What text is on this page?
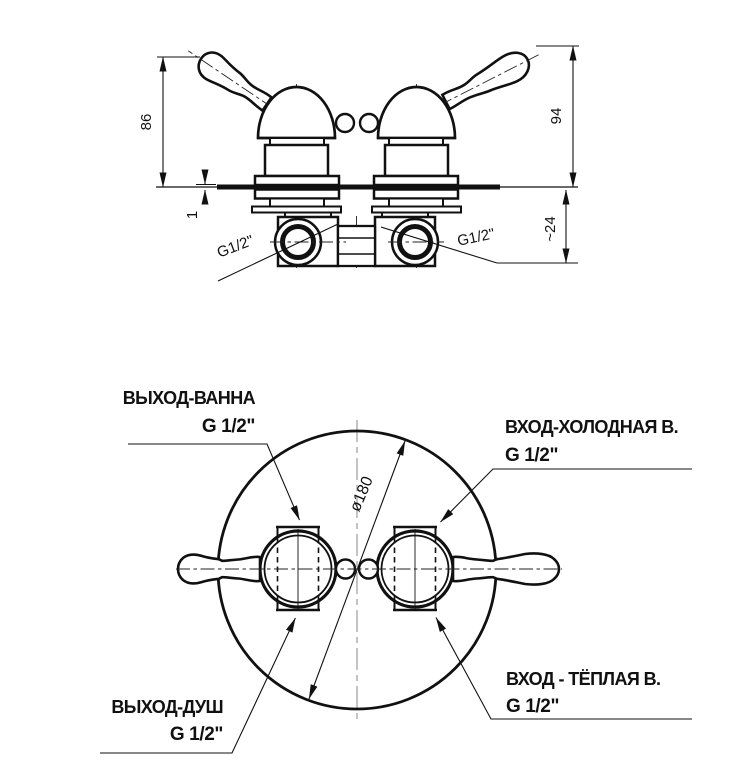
86	94
1
~24
G1/2"	G1/2"
ø180
ВЫХОД-ВАННА
G 1/2"	ВХОД-ХОЛОДНАЯ В.
G 1/2"
ВЫХОД-ДУШ
G 1/2"
ВХОД - ТЁПЛАЯ В.
G 1/2"
